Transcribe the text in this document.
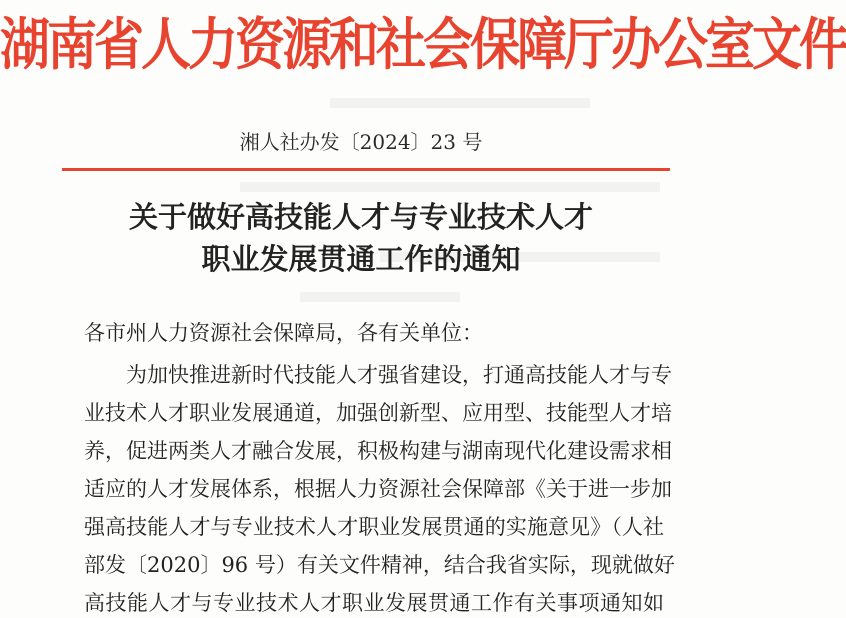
湖南省人力资源和社会保障厅办公室文件
湘人社办发〔2024〕23 号
关于做好高技能人才与专业技术人才
职业发展贯通工作的通知
各市州人力资源社会保障局，各有关单位：
为加快推进新时代技能人才强省建设，打通高技能人才与专
业技术人才职业发展通道，加强创新型、应用型、技能型人才培
养，促进两类人才融合发展，积极构建与湖南现代化建设需求相
适应的人才发展体系，根据人力资源社会保障部《关于进一步加
强高技能人才与专业技术人才职业发展贯通的实施意见》（人社
部发〔2020〕96 号）有关文件精神，结合我省实际，现就做好
高技能人才与专业技术人才职业发展贯通工作有关事项通知如
